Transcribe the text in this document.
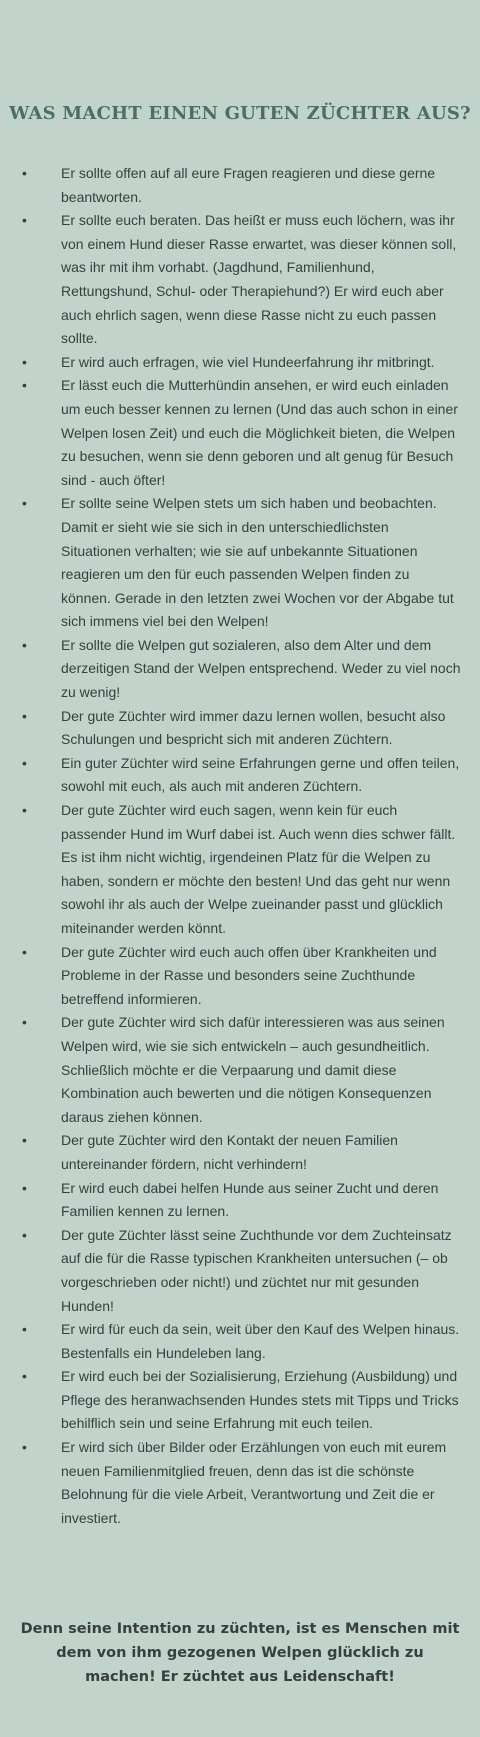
WAS MACHT EINEN GUTEN ZÜCHTER AUS?
• Er sollte offen auf all eure Fragen reagieren und diese gerne beantworten.
• Er sollte euch beraten. Das heißt er muss euch löchern, was ihr von einem Hund dieser Rasse erwartet, was dieser können soll, was ihr mit ihm vorhabt. (Jagdhund, Familienhund, Rettungshund, Schul- oder Therapiehund?) Er wird euch aber auch ehrlich sagen, wenn diese Rasse nicht zu euch passen sollte.
• Er wird auch erfragen, wie viel Hundeerfahrung ihr mitbringt.
• Er lässt euch die Mutterhündin ansehen, er wird euch einladen um euch besser kennen zu lernen (Und das auch schon in einer Welpen losen Zeit) und euch die Möglichkeit bieten, die Welpen zu besuchen, wenn sie denn geboren und alt genug für Besuch sind - auch öfter!
• Er sollte seine Welpen stets um sich haben und beobachten. Damit er sieht wie sie sich in den unterschiedlichsten Situationen verhalten; wie sie auf unbekannte Situationen reagieren um den für euch passenden Welpen finden zu können. Gerade in den letzten zwei Wochen vor der Abgabe tut sich immens viel bei den Welpen!
• Er sollte die Welpen gut sozialeren, also dem Alter und dem derzeitigen Stand der Welpen entsprechend. Weder zu viel noch zu wenig!
• Der gute Züchter wird immer dazu lernen wollen, besucht also Schulungen und bespricht sich mit anderen Züchtern.
• Ein guter Züchter wird seine Erfahrungen gerne und offen teilen, sowohl mit euch, als auch mit anderen Züchtern.
• Der gute Züchter wird euch sagen, wenn kein für euch passender Hund im Wurf dabei ist. Auch wenn dies schwer fällt. Es ist ihm nicht wichtig, irgendeinen Platz für die Welpen zu haben, sondern er möchte den besten! Und das geht nur wenn sowohl ihr als auch der Welpe zueinander passt und glücklich miteinander werden könnt.
• Der gute Züchter wird euch auch offen über Krankheiten und Probleme in der Rasse und besonders seine Zuchthunde betreffend informieren.
• Der gute Züchter wird sich dafür interessieren was aus seinen Welpen wird, wie sie sich entwickeln – auch gesundheitlich. Schließlich möchte er die Verpaarung und damit diese Kombination auch bewerten und die nötigen Konsequenzen daraus ziehen können.
• Der gute Züchter wird den Kontakt der neuen Familien untereinander fördern, nicht verhindern!
• Er wird euch dabei helfen Hunde aus seiner Zucht und deren Familien kennen zu lernen.
• Der gute Züchter lässt seine Zuchthunde vor dem Zuchteinsatz auf die für die Rasse typischen Krankheiten untersuchen (– ob vorgeschrieben oder nicht!) und züchtet nur mit gesunden Hunden!
• Er wird für euch da sein, weit über den Kauf des Welpen hinaus. Bestenfalls ein Hundeleben lang.
• Er wird euch bei der Sozialisierung, Erziehung (Ausbildung) und Pflege des heranwachsenden Hundes stets mit Tipps und Tricks behilflich sein und seine Erfahrung mit euch teilen.
• Er wird sich über Bilder oder Erzählungen von euch mit eurem neuen Familienmitglied freuen, denn das ist die schönste Belohnung für die viele Arbeit, Verantwortung und Zeit die er investiert.

Denn seine Intention zu züchten, ist es Menschen mit dem von ihm gezogenen Welpen glücklich zu machen! Er züchtet aus Leidenschaft!
